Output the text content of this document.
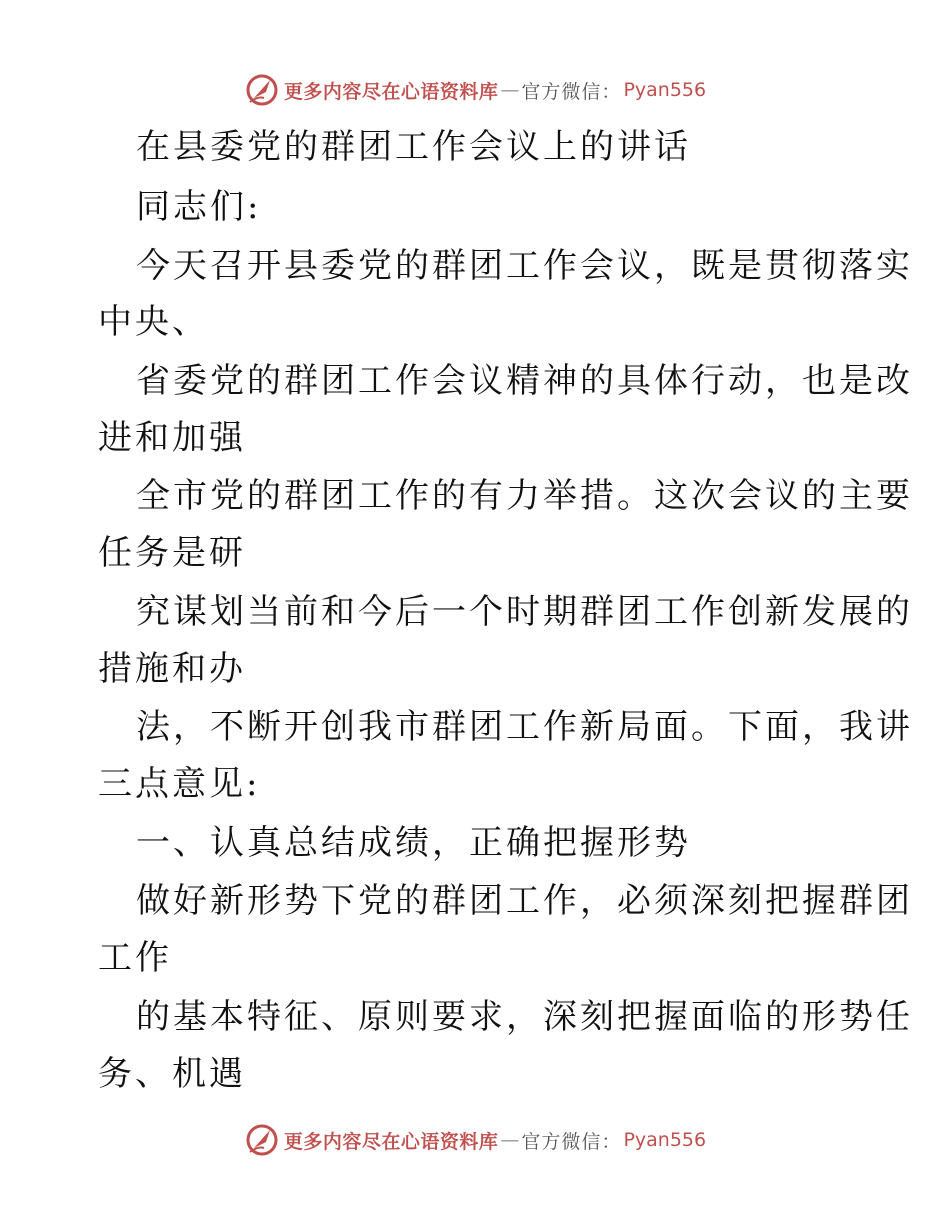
更多内容尽在心语资料库 — 官方微信： Pyan556
在县委党的群团工作会议上的讲话
同志们:
今天召开县委党的群团工作会议，既是贯彻落实
中央、
省委党的群团工作会议精神的具体行动，也是改
进和加强
全市党的群团工作的有力举措。这次会议的主要
任务是研
究谋划当前和今后一个时期群团工作创新发展的
措施和办
法，不断开创我市群团工作新局面。下面，我讲
三点意见:
一、认真总结成绩，正确把握形势
做好新形势下党的群团工作，必须深刻把握群团
工作
的基本特征、原则要求，深刻把握面临的形势任
务、机遇
更多内容尽在心语资料库 — 官方微信： Pyan556
